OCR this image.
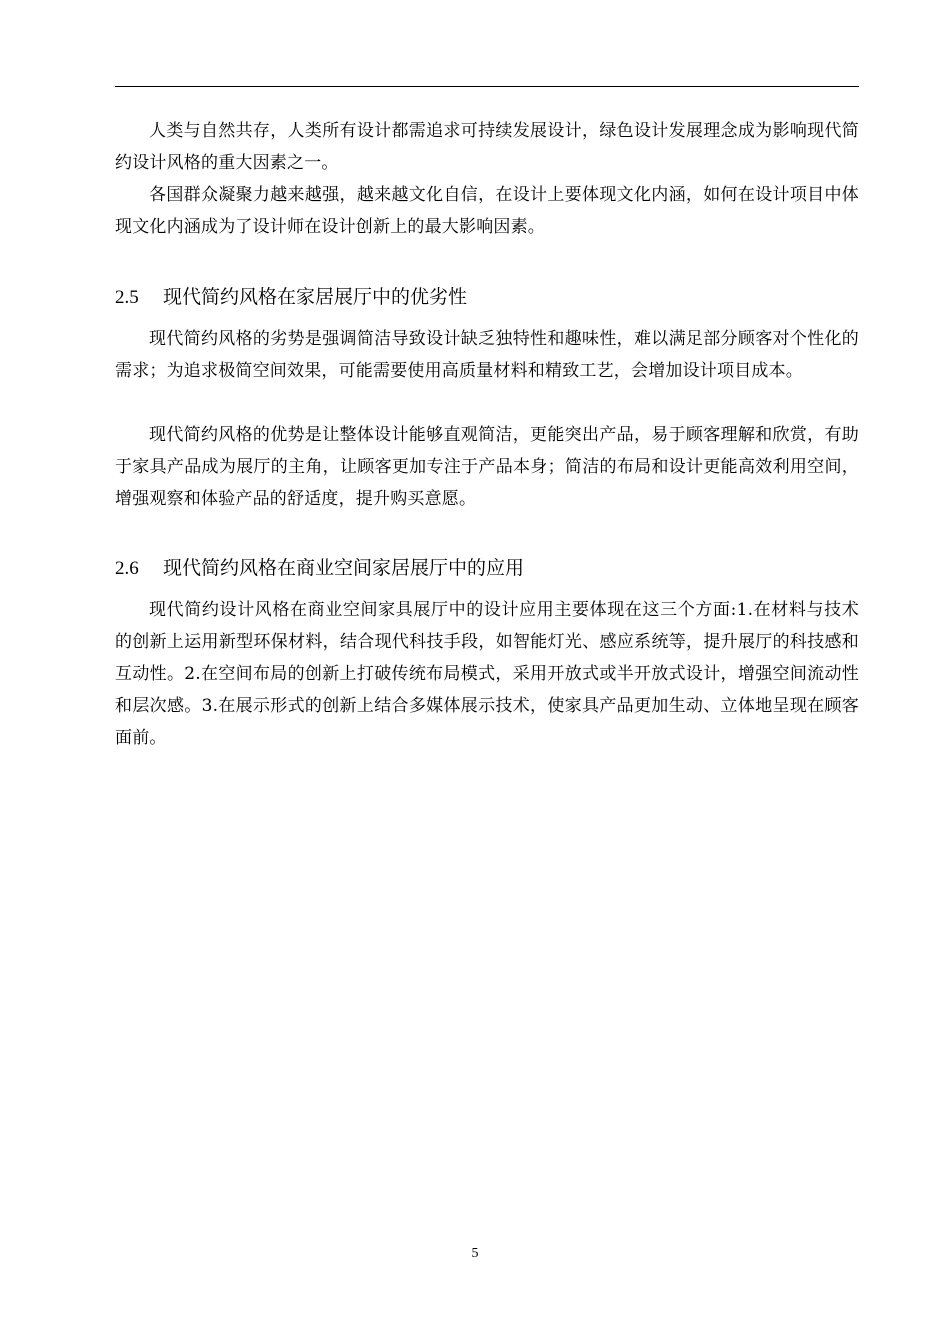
人类与自然共存，人类所有设计都需追求可持续发展设计，绿色设计发展理念成为影响现代简约设计风格的重大因素之一。

各国群众凝聚力越来越强，越来越文化自信，在设计上要体现文化内涵，如何在设计项目中体现文化内涵成为了设计师在设计创新上的最大影响因素。

2.5 现代简约风格在家居展厅中的优劣性

现代简约风格的劣势是强调简洁导致设计缺乏独特性和趣味性，难以满足部分顾客对个性化的需求；为追求极简空间效果，可能需要使用高质量材料和精致工艺，会增加设计项目成本。

现代简约风格的优势是让整体设计能够直观简洁，更能突出产品，易于顾客理解和欣赏，有助于家具产品成为展厅的主角，让顾客更加专注于产品本身；简洁的布局和设计更能高效利用空间，增强观察和体验产品的舒适度，提升购买意愿。

2.6 现代简约风格在商业空间家居展厅中的应用

现代简约设计风格在商业空间家具展厅中的设计应用主要体现在这三个方面:1.在材料与技术的创新上运用新型环保材料，结合现代科技手段，如智能灯光、感应系统等，提升展厅的科技感和互动性。2.在空间布局的创新上打破传统布局模式，采用开放式或半开放式设计，增强空间流动性和层次感。3.在展示形式的创新上结合多媒体展示技术，使家具产品更加生动、立体地呈现在顾客面前。

5
